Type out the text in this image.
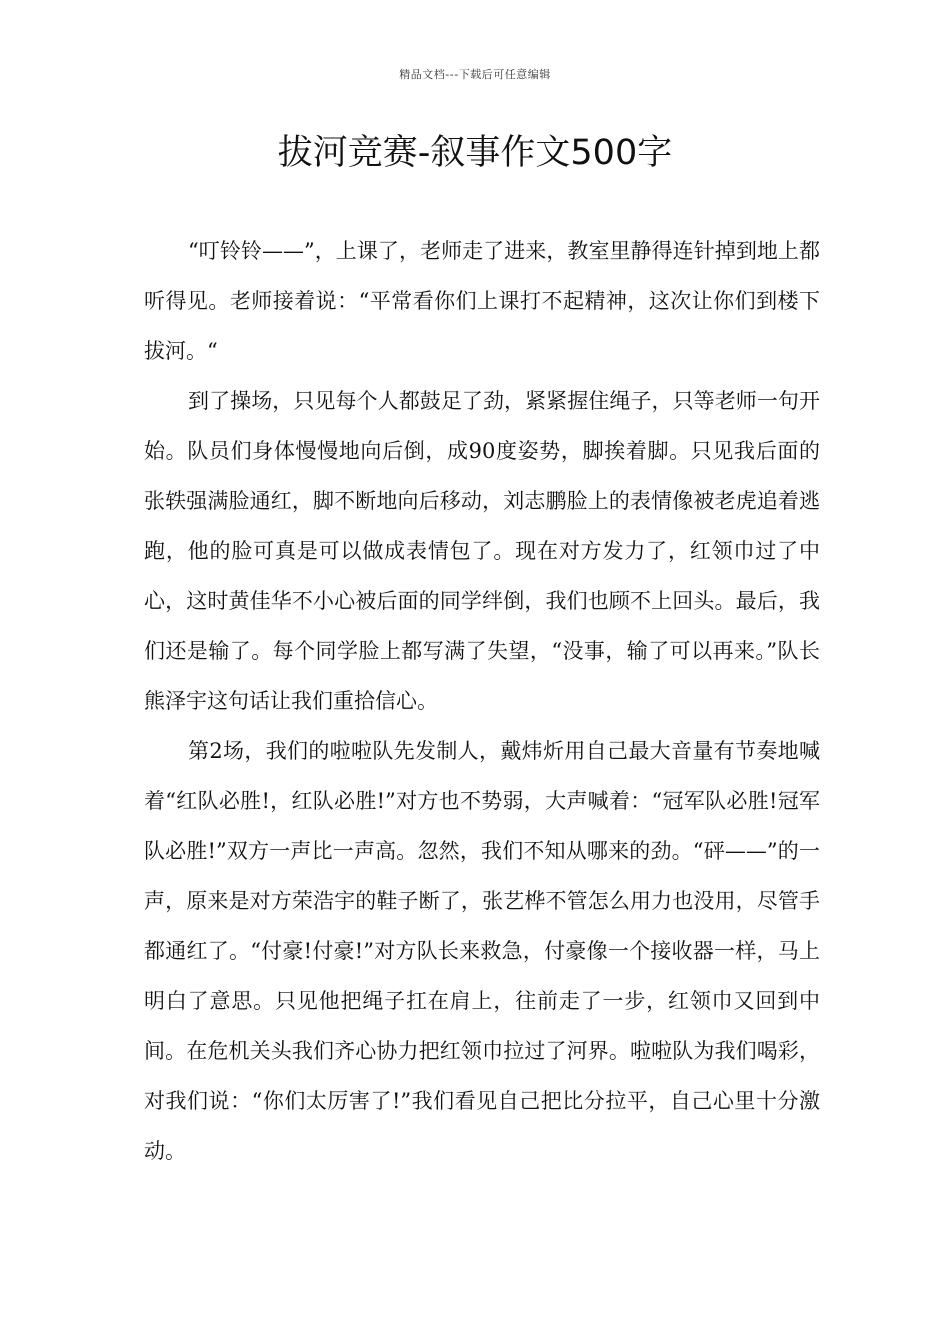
精品文档---下载后可任意编辑
拔河竞赛-叙事作文500字

“叮铃铃——”，上课了，老师走了进来，教室里静得连针掉到地上都听得见。老师接着说：“平常看你们上课打不起精神，这次让你们到楼下拔河。“

到了操场，只见每个人都鼓足了劲，紧紧握住绳子，只等老师一句开始。队员们身体慢慢地向后倒，成90度姿势，脚挨着脚。只见我后面的张轶强满脸通红，脚不断地向后移动，刘志鹏脸上的表情像被老虎追着逃跑，他的脸可真是可以做成表情包了。现在对方发力了，红领巾过了中心，这时黄佳华不小心被后面的同学绊倒，我们也顾不上回头。最后，我们还是输了。每个同学脸上都写满了失望，“没事，输了可以再来。”队长熊泽宇这句话让我们重拾信心。

第2场，我们的啦啦队先发制人，戴炜炘用自己最大音量有节奏地喊着“红队必胜!，红队必胜!”对方也不势弱，大声喊着：“冠军队必胜!冠军队必胜!”双方一声比一声高。忽然，我们不知从哪来的劲。“砰——”的一声，原来是对方荣浩宇的鞋子断了，张艺桦不管怎么用力也没用，尽管手都通红了。“付豪!付豪!”对方队长来救急，付豪像一个接收器一样，马上明白了意思。只见他把绳子扛在肩上，往前走了一步，红领巾又回到中间。在危机关头我们齐心协力把红领巾拉过了河界。啦啦队为我们喝彩，对我们说：“你们太厉害了!”我们看见自己把比分拉平，自己心里十分激动。
